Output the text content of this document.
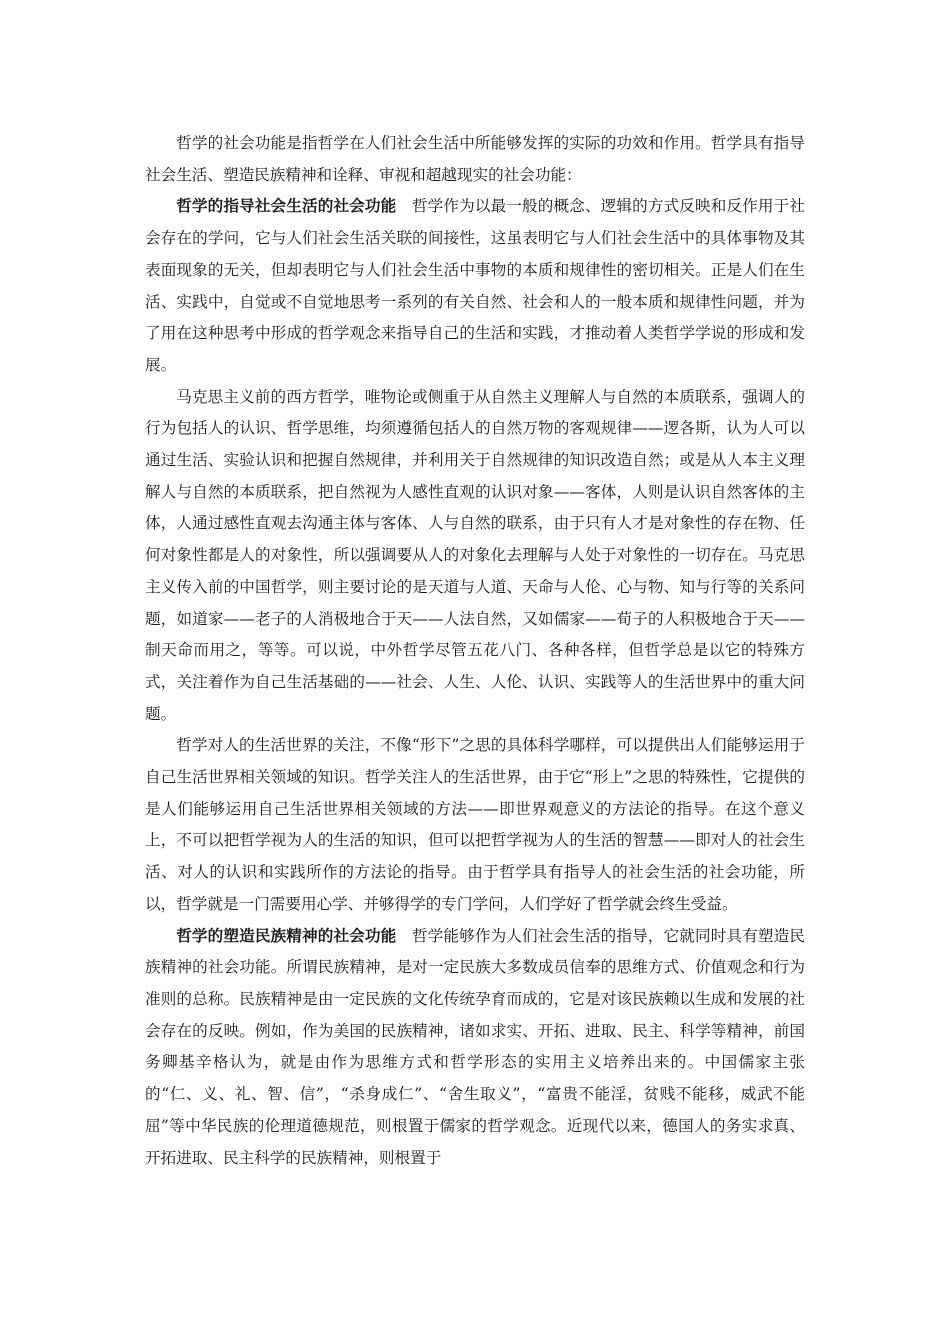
哲学的社会功能是指哲学在人们社会生活中所能够发挥的实际的功效和作用。哲学具有指导社会生活、塑造民族精神和诠释、审视和超越现实的社会功能：

哲学的指导社会生活的社会功能 哲学作为以最一般的概念、逻辑的方式反映和反作用于社会存在的学问，它与人们社会生活关联的间接性，这虽表明它与人们社会生活中的具体事物及其表面现象的无关，但却表明它与人们社会生活中事物的本质和规律性的密切相关。正是人们在生活、实践中，自觉或不自觉地思考一系列的有关自然、社会和人的一般本质和规律性问题，并为了用在这种思考中形成的哲学观念来指导自己的生活和实践，才推动着人类哲学学说的形成和发展。

马克思主义前的西方哲学，唯物论或侧重于从自然主义理解人与自然的本质联系，强调人的行为包括人的认识、哲学思维，均须遵循包括人的自然万物的客观规律——逻各斯，认为人可以通过生活、实验认识和把握自然规律，并利用关于自然规律的知识改造自然；或是从人本主义理解人与自然的本质联系，把自然视为人感性直观的认识对象——客体，人则是认识自然客体的主体，人通过感性直观去沟通主体与客体、人与自然的联系，由于只有人才是对象性的存在物、任何对象性都是人的对象性，所以强调要从人的对象化去理解与人处于对象性的一切存在。马克思主义传入前的中国哲学，则主要讨论的是天道与人道、天命与人伦、心与物、知与行等的关系问题，如道家——老子的人消极地合于天——人法自然，又如儒家——荀子的人积极地合于天——制天命而用之，等等。可以说，中外哲学尽管五花八门、各种各样，但哲学总是以它的特殊方式，关注着作为自己生活基础的——社会、人生、人伦、认识、实践等人的生活世界中的重大问题。

哲学对人的生活世界的关注，不像“形下”之思的具体科学哪样，可以提供出人们能够运用于自己生活世界相关领域的知识。哲学关注人的生活世界，由于它“形上”之思的特殊性，它提供的是人们能够运用自己生活世界相关领域的方法——即世界观意义的方法论的指导。在这个意义上，不可以把哲学视为人的生活的知识，但可以把哲学视为人的生活的智慧——即对人的社会生活、对人的认识和实践所作的方法论的指导。由于哲学具有指导人的社会生活的社会功能，所以，哲学就是一门需要用心学、并够得学的专门学问，人们学好了哲学就会终生受益。

哲学的塑造民族精神的社会功能 哲学能够作为人们社会生活的指导，它就同时具有塑造民族精神的社会功能。所谓民族精神，是对一定民族大多数成员信奉的思维方式、价值观念和行为准则的总称。民族精神是由一定民族的文化传统孕育而成的，它是对该民族赖以生成和发展的社会存在的反映。例如，作为美国的民族精神，诸如求实、开拓、进取、民主、科学等精神，前国务卿基辛格认为，就是由作为思维方式和哲学形态的实用主义培养出来的。中国儒家主张的“仁、义、礼、智、信”，“杀身成仁”、“舍生取义”，“富贵不能淫，贫贱不能移，威武不能屈”等中华民族的伦理道德规范，则根置于儒家的哲学观念。近现代以来，德国人的务实求真、开拓进取、民主科学的民族精神，则根置于
